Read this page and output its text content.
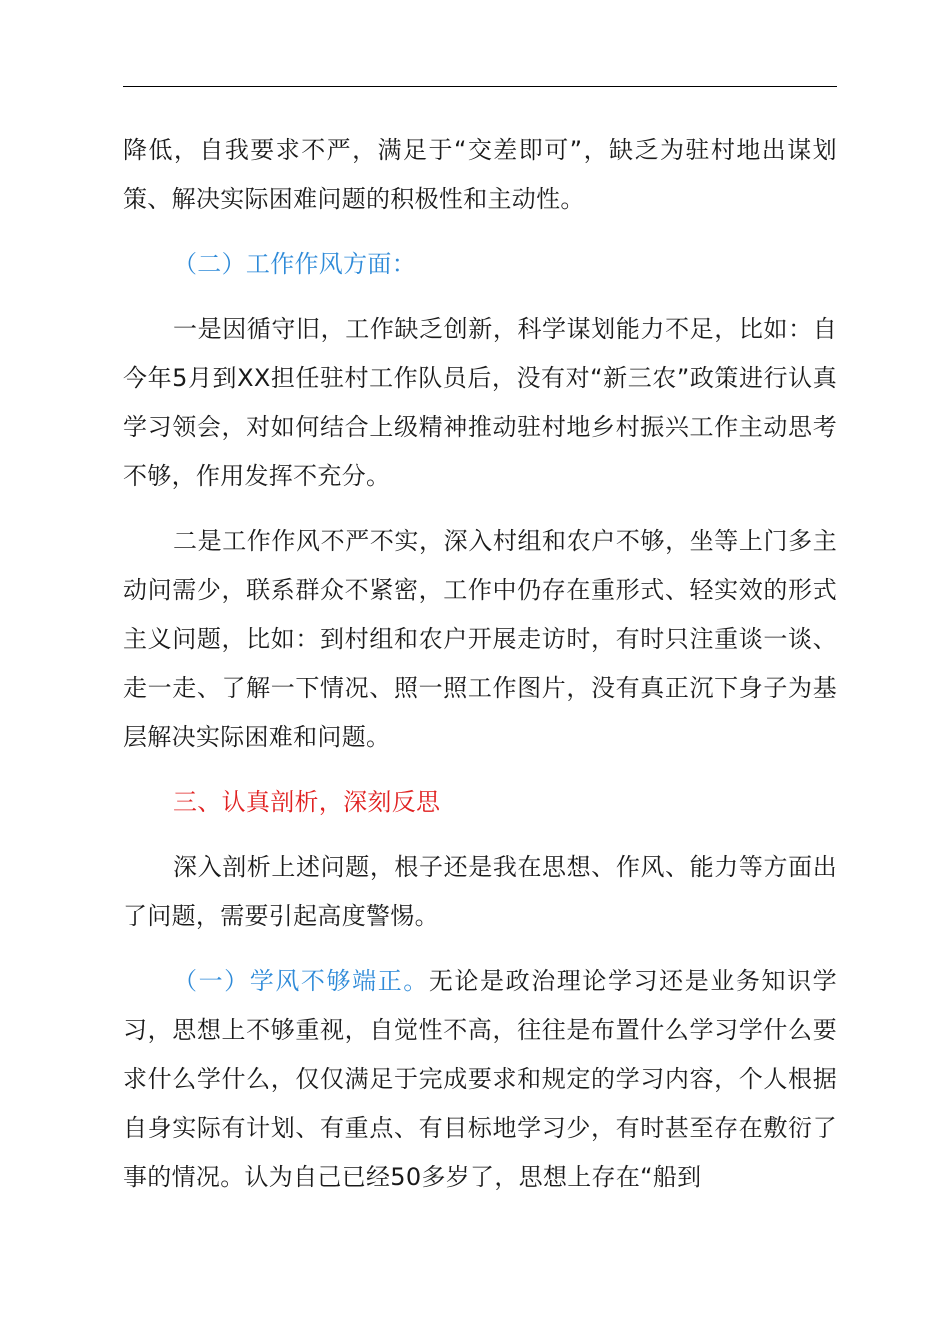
降低，自我要求不严，满足于“交差即可”，缺乏为驻村地出谋划策、解决实际困难问题的积极性和主动性。

（二）工作作风方面：

一是因循守旧，工作缺乏创新，科学谋划能力不足，比如：自今年5月到XX担任驻村工作队员后，没有对“新三农”政策进行认真学习领会，对如何结合上级精神推动驻村地乡村振兴工作主动思考不够，作用发挥不充分。

二是工作作风不严不实，深入村组和农户不够，坐等上门多主动问需少，联系群众不紧密，工作中仍存在重形式、轻实效的形式主义问题，比如：到村组和农户开展走访时，有时只注重谈一谈、走一走、了解一下情况、照一照工作图片，没有真正沉下身子为基层解决实际困难和问题。

三、认真剖析，深刻反思

深入剖析上述问题，根子还是我在思想、作风、能力等方面出了问题，需要引起高度警惕。

（一）学风不够端正。无论是政治理论学习还是业务知识学习，思想上不够重视，自觉性不高，往往是布置什么学习学什么要求什么学什么，仅仅满足于完成要求和规定的学习内容，个人根据自身实际有计划、有重点、有目标地学习少，有时甚至存在敷衍了事的情况。认为自己已经50多岁了，思想上存在“船到
